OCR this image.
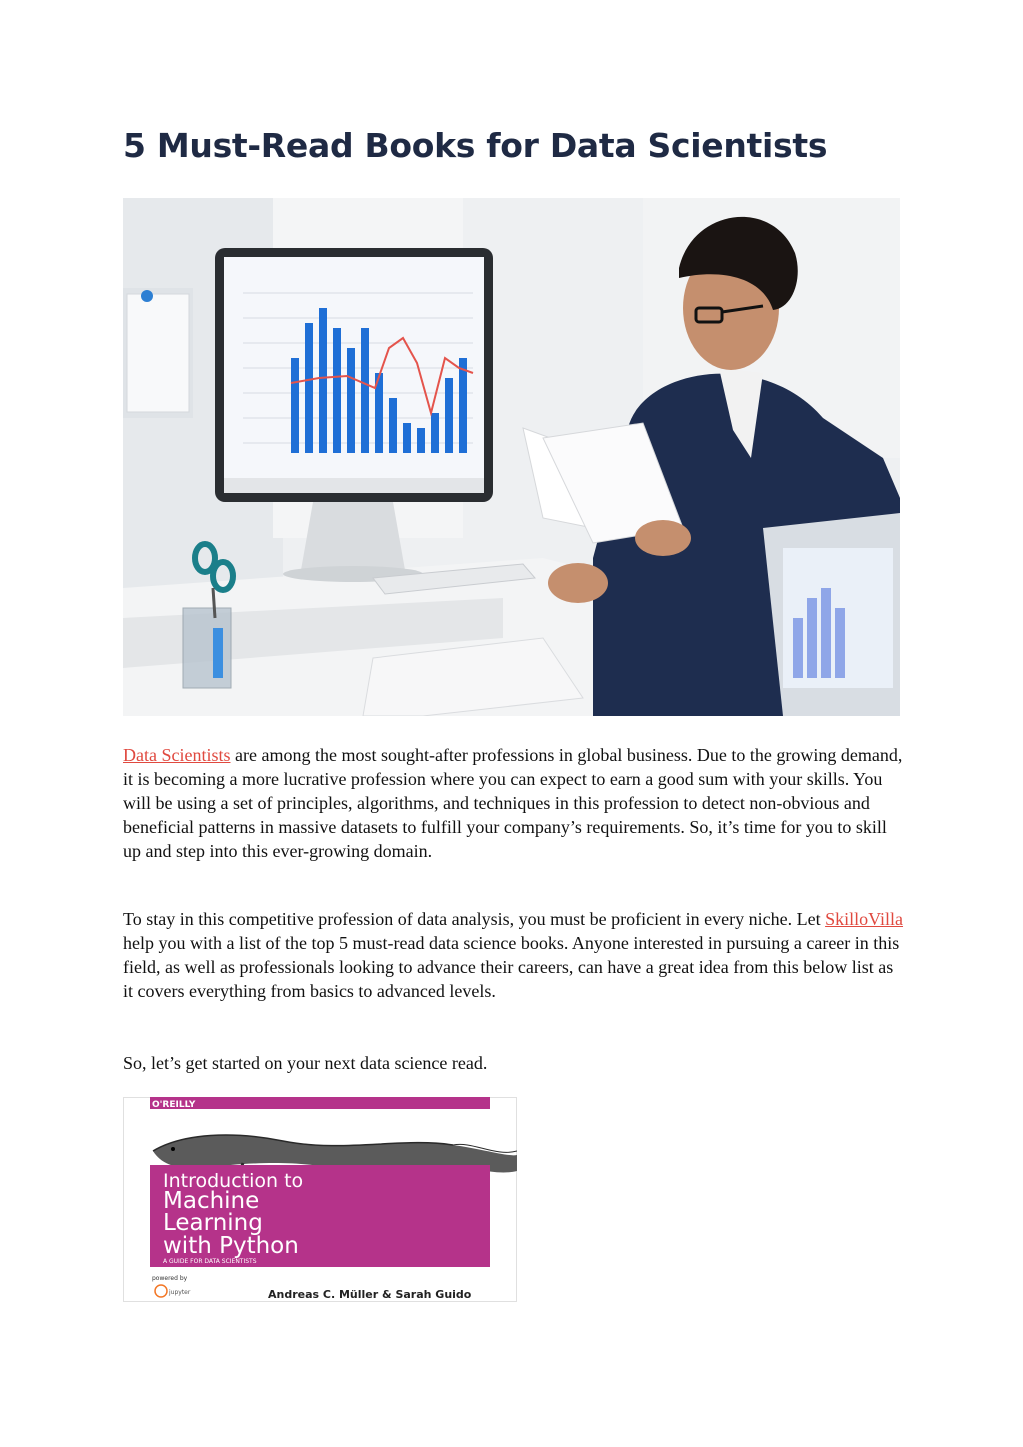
5 Must-Read Books for Data Scientists

Data Scientists are among the most sought-after professions in global business. Due to the growing demand, it is becoming a more lucrative profession where you can expect to earn a good sum with your skills. You will be using a set of principles, algorithms, and techniques in this profession to detect non-obvious and beneficial patterns in massive datasets to fulfill your company’s requirements. So, it’s time for you to skill up and step into this ever-growing domain.

To stay in this competitive profession of data analysis, you must be proficient in every niche. Let SkilloVilla help you with a list of the top 5 must-read data science books. Anyone interested in pursuing a career in this field, as well as professionals looking to advance their careers, can have a great idea from this below list as it covers everything from basics to advanced levels.

So, let’s get started on your next data science read.

O'REILLY
Introduction to
Machine
Learning
with Python
A GUIDE FOR DATA SCIENTISTS
powered by
jupyter	Andreas C. Müller & Sarah Guido
